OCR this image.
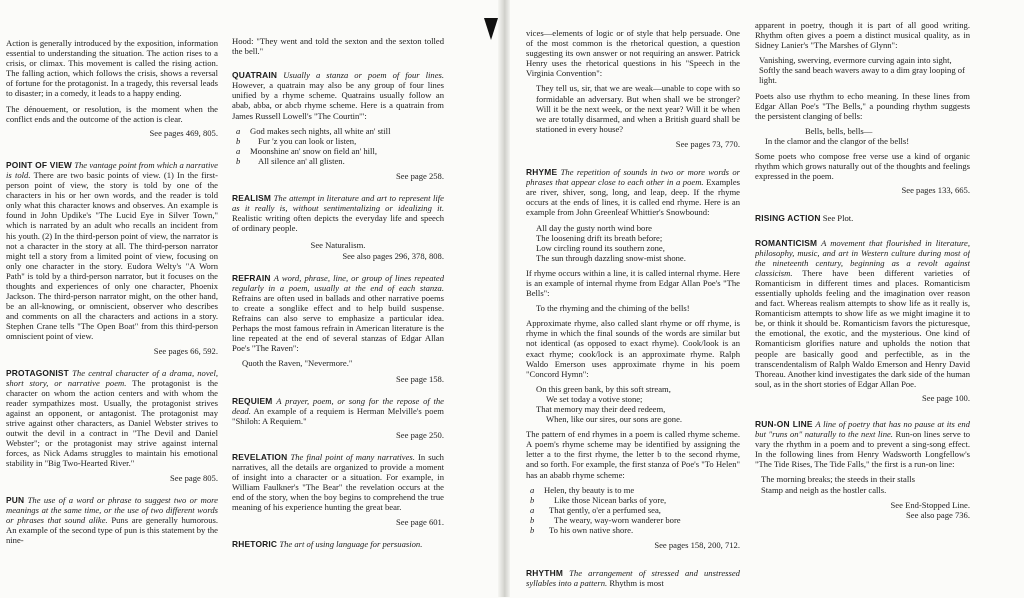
Action is generally introduced by the exposition, information essential to understanding the situation. The action rises to a crisis, or climax. This movement is called the rising action. The falling action, which follows the crisis, shows a reversal of fortune for the protagonist. In a tragedy, this reversal leads to disaster; in a comedy, it leads to a happy ending.

The dénouement, or resolution, is the moment when the conflict ends and the outcome of the action is clear.

See pages 469, 805.
POINT OF VIEW The vantage point from which a narrative is told. There are two basic points of view. (1) In the first-person point of view, the story is told by one of the characters in his or her own words, and the reader is told only what this character knows and observes. An example is found in John Updike's "The Lucid Eye in Silver Town," which is narrated by an adult who recalls an incident from his youth. (2) In the third-person point of view, the narrator is not a character in the story at all. The third-person narrator might tell a story from a limited point of view, focusing on only one character in the story. Eudora Welty's "A Worn Path" is told by a third-person narrator, but it focuses on the thoughts and experiences of only one character, Phoenix Jackson. The third-person narrator might, on the other hand, be an all-knowing, or omniscient, observer who describes and comments on all the characters and actions in a story. Stephen Crane tells "The Open Boat" from this third-person omniscient point of view.
See pages 66, 592.
PROTAGONIST The central character of a drama, novel, short story, or narrative poem. The protagonist is the character on whom the action centers and with whom the reader sympathizes most. Usually, the protagonist strives against an opponent, or antagonist. The protagonist may strive against other characters, as Daniel Webster strives to outwit the devil in a contract in "The Devil and Daniel Webster"; or the protagonist may strive against internal forces, as Nick Adams struggles to maintain his emotional stability in "Big Two-Hearted River."
See page 805.
PUN The use of a word or phrase to suggest two or more meanings at the same time, or the use of two different words or phrases that sound alike. Puns are generally humorous. An example of the second type of pun is this statement by the nine-

Hood: "They went and told the sexton and the sexton tolled the bell."

QUATRAIN Usually a stanza or poem of four lines. However, a quatrain may also be any group of four lines unified by a rhyme scheme. Quatrains usually follow an abab, abba, or abcb rhyme scheme. Here is a quatrain from James Russell Lowell's "The Courtin'":
a	God makes sech nights, all white an' still
b	Fur 'z you can look or listen,
a	Moonshine an' snow on field an' hill,
b	All silence an' all glisten.
See page 258.
REALISM The attempt in literature and art to represent life as it really is, without sentimentalizing or idealizing it. Realistic writing often depicts the everyday life and speech of ordinary people.
See Naturalism.
See also pages 296, 378, 808.
REFRAIN A word, phrase, line, or group of lines repeated regularly in a poem, usually at the end of each stanza. Refrains are often used in ballads and other narrative poems to create a songlike effect and to help build suspense. Refrains can also serve to emphasize a particular idea. Perhaps the most famous refrain in American literature is the line repeated at the end of several stanzas of Edgar Allan Poe's "The Raven":
Quoth the Raven, "Nevermore."
See page 158.
REQUIEM A prayer, poem, or song for the repose of the dead. An example of a requiem is Herman Melville's poem "Shiloh: A Requiem."
See page 250.
REVELATION The final point of many narratives. In such narratives, all the details are organized to provide a moment of insight into a character or a situation. For example, in William Faulkner's "The Bear" the revelation occurs at the end of the story, when the boy begins to comprehend the true meaning of his experience hunting the great bear.
See page 601.
RHETORIC The art of using language for persuasion.
vices—elements of logic or of style that help persuade. One of the most common is the rhetorical question, a question suggesting its own answer or not requiring an answer. Patrick Henry uses the rhetorical questions in his "Speech in the Virginia Convention":
They tell us, sir, that we are weak—unable to cope with so formidable an adversary. But when shall we be stronger? Will it be the next week, or the next year? Will it be when we are totally disarmed, and when a British guard shall be stationed in every house?
See pages 73, 770.
RHYME The repetition of sounds in two or more words or phrases that appear close to each other in a poem. Examples are river, shiver, song, long, and leap, deep. If the rhyme occurs at the ends of lines, it is called end rhyme. Here is an example from John Greenleaf Whittier's Snowbound:
All day the gusty north wind bore
The loosening drift its breath before;
Low circling round its southern zone,
The sun through dazzling snow-mist shone.
If rhyme occurs within a line, it is called internal rhyme. Here is an example of internal rhyme from Edgar Allan Poe's "The Bells":
To the rhyming and the chiming of the bells!
Approximate rhyme, also called slant rhyme or off rhyme, is rhyme in which the final sounds of the words are similar but not identical (as opposed to exact rhyme). Cook/look is an exact rhyme; cook/lock is an approximate rhyme. Ralph Waldo Emerson uses approximate rhyme in his poem "Concord Hymn":
On this green bank, by this soft stream,
We set today a votive stone;
That memory may their deed redeem,
When, like our sires, our sons are gone.
The pattern of end rhymes in a poem is called rhyme scheme. A poem's rhyme scheme may be identified by assigning the letter a to the first rhyme, the letter b to the second rhyme, and so forth. For example, the first stanza of Poe's "To Helen" has an ababb rhyme scheme:
a	Helen, thy beauty is to me
b	Like those Nicean barks of yore,
a	That gently, o'er a perfumed sea,
b	The weary, way-worn wanderer bore
b	To his own native shore.
See pages 158, 200, 712.
RHYTHM The arrangement of stressed and unstressed syllables into a pattern. Rhythm is most
apparent in poetry, though it is part of all good writing. Rhythm often gives a poem a distinct musical quality, as in Sidney Lanier's "The Marshes of Glynn":
Vanishing, swerving, evermore curving again into sight,
Softly the sand beach wavers away to a dim gray looping of light.
Poets also use rhythm to echo meaning. In these lines from Edgar Allan Poe's "The Bells," a pounding rhythm suggests the persistent clanging of bells:
Bells, bells, bells—
In the clamor and the clangor of the bells!
Some poets who compose free verse use a kind of organic rhythm which grows naturally out of the thoughts and feelings expressed in the poem.
See pages 133, 665.
RISING ACTION See Plot.
ROMANTICISM A movement that flourished in literature, philosophy, music, and art in Western culture during most of the nineteenth century, beginning as a revolt against classicism. There have been different varieties of Romanticism in different times and places. Romanticism essentially upholds feeling and the imagination over reason and fact. Whereas realism attempts to show life as it really is, Romanticism attempts to show life as we might imagine it to be, or think it should be. Romanticism favors the picturesque, the emotional, the exotic, and the mysterious. One kind of Romanticism glorifies nature and upholds the notion that people are basically good and perfectible, as in the transcendentalism of Ralph Waldo Emerson and Henry David Thoreau. Another kind investigates the dark side of the human soul, as in the short stories of Edgar Allan Poe.
See page 100.
RUN-ON LINE A line of poetry that has no pause at its end but "runs on" naturally to the next line. Run-on lines serve to vary the rhythm in a poem and to prevent a sing-song effect. In the following lines from Henry Wadsworth Longfellow's "The Tide Rises, The Tide Falls," the first is a run-on line:
The morning breaks; the steeds in their stalls
Stamp and neigh as the hostler calls.
See End-Stopped Line.
See also page 736.
